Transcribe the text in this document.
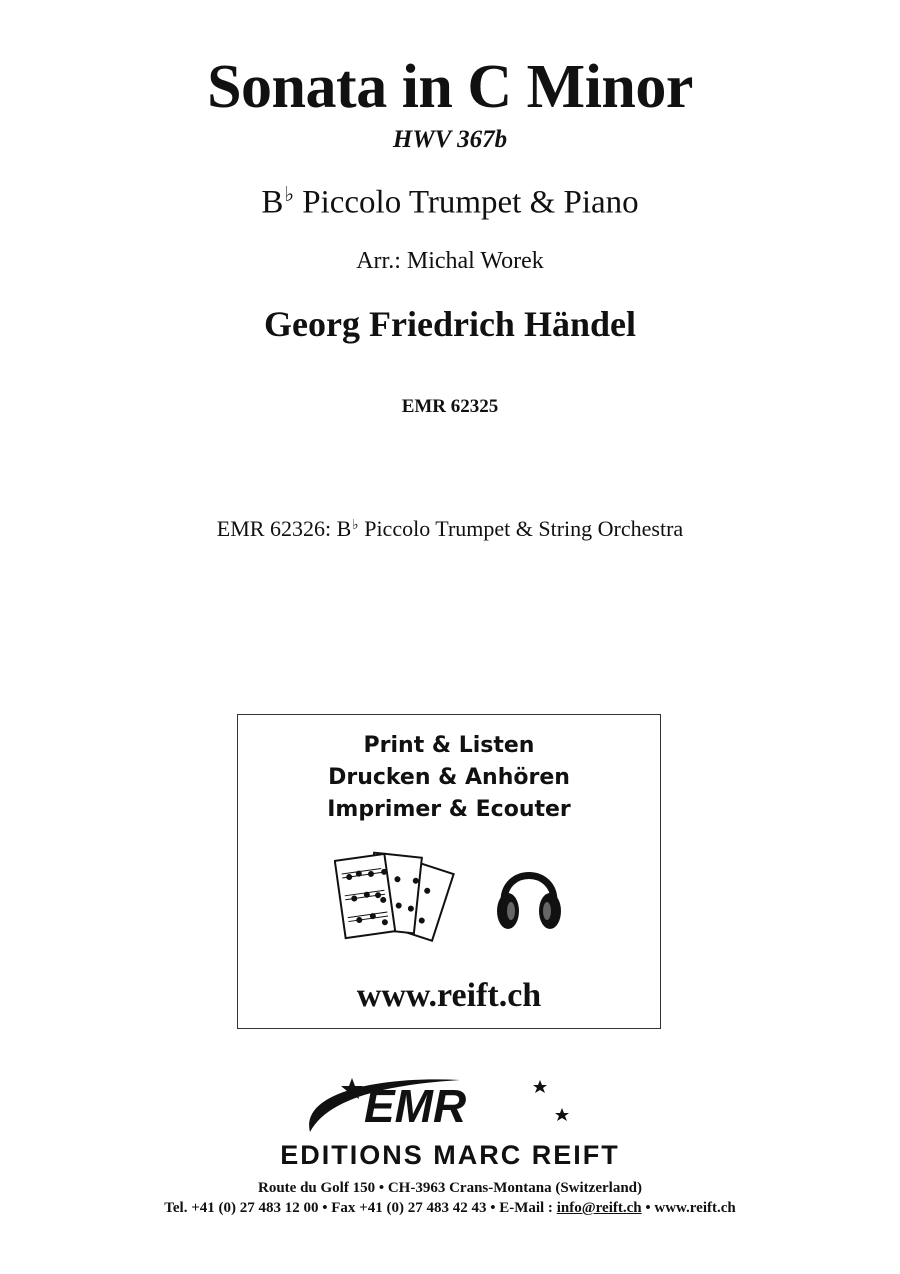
Sonata in C Minor
HWV 367b
B♭ Piccolo Trumpet & Piano
Arr.: Michal Worek
Georg Friedrich Händel
EMR 62325
EMR 62326: B♭ Piccolo Trumpet & String Orchestra
Print & Listen
Drucken & Anhören
Imprimer & Ecouter
www.reift.ch
EMR
EDITIONS MARC REIFT
Route du Golf 150 • CH-3963 Crans-Montana (Switzerland)
Tel. +41 (0) 27 483 12 00 • Fax +41 (0) 27 483 42 43 • E-Mail : info@reift.ch • www.reift.ch
